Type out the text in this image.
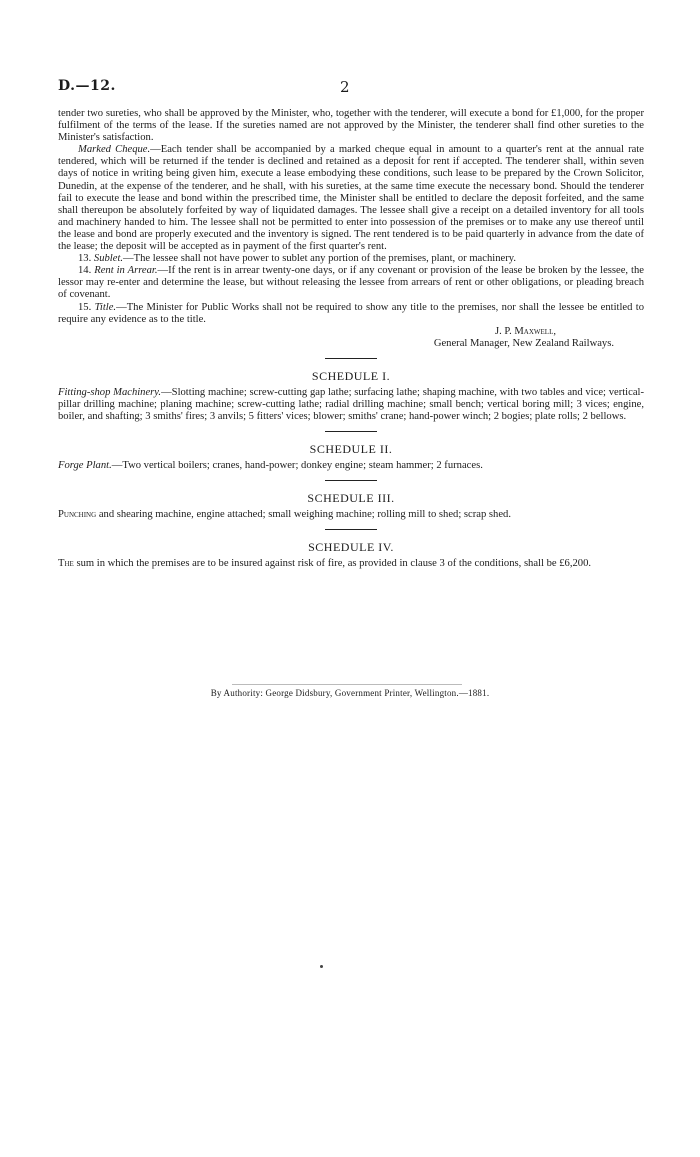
D.—12.	2

tender two sureties, who shall be approved by the Minister, who, together with the tenderer, will execute a bond for £1,000, for the proper fulfilment of the terms of the lease. If the sureties named are not approved by the Minister, the tenderer shall find other sureties to the Minister's satisfaction.

Marked Cheque.—Each tender shall be accompanied by a marked cheque equal in amount to a quarter's rent at the annual rate tendered, which will be returned if the tender is declined and retained as a deposit for rent if accepted. The tenderer shall, within seven days of notice in writing being given him, execute a lease embodying these conditions, such lease to be prepared by the Crown Solicitor, Dunedin, at the expense of the tenderer, and he shall, with his sureties, at the same time execute the necessary bond. Should the tenderer fail to execute the lease and bond within the prescribed time, the Minister shall be entitled to declare the deposit forfeited, and the same shall thereupon be absolutely forfeited by way of liquidated damages. The lessee shall give a receipt on a detailed inventory for all tools and machinery handed to him. The lessee shall not be permitted to enter into possession of the premises or to make any use thereof until the lease and bond are properly executed and the inventory is signed. The rent tendered is to be paid quarterly in advance from the date of the lease; the deposit will be accepted as in payment of the first quarter's rent.

13. Sublet.—The lessee shall not have power to sublet any portion of the premises, plant, or machinery.

14. Rent in Arrear.—If the rent is in arrear twenty-one days, or if any covenant or provision of the lease be broken by the lessee, the lessor may re-enter and determine the lease, but without releasing the lessee from arrears of rent or other obligations, or pleading breach of covenant.

15. Title.—The Minister for Public Works shall not be required to show any title to the premises, nor shall the lessee be entitled to require any evidence as to the title.

J. P. Maxwell,

General Manager, New Zealand Railways.

SCHEDULE I.

Fitting-shop Machinery.—Slotting machine; screw-cutting gap lathe; surfacing lathe; shaping machine, with two tables and vice; vertical-pillar drilling machine; planing machine; screw-cutting lathe; radial drilling machine; small bench; vertical boring mill; 3 vices; engine, boiler, and shafting; 3 smiths' fires; 3 anvils; 5 fitters' vices; blower; smiths' crane; hand-power winch; 2 bogies; plate rolls; 2 bellows.

SCHEDULE II.

Forge Plant.—Two vertical boilers; cranes, hand-power; donkey engine; steam hammer; 2 furnaces.

SCHEDULE III.

Punching and shearing machine, engine attached; small weighing machine; rolling mill to shed; scrap shed.

SCHEDULE IV.

The sum in which the premises are to be insured against risk of fire, as provided in clause 3 of the conditions, shall be £6,200.

By Authority: George Didsbury, Government Printer, Wellington.—1881.
